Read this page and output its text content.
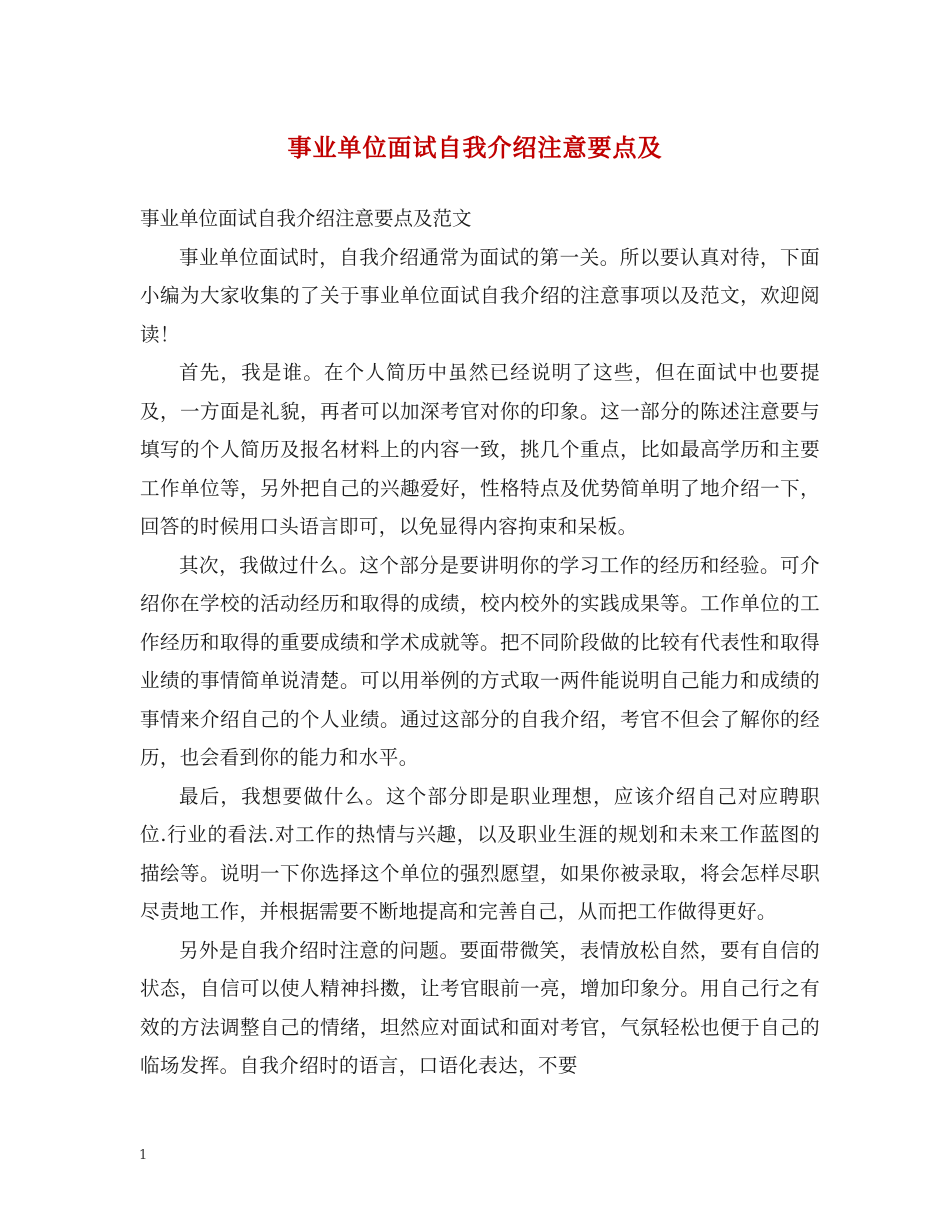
事业单位面试自我介绍注意要点及

事业单位面试自我介绍注意要点及范文

事业单位面试时，自我介绍通常为面试的第一关。所以要认真对待，下面小编为大家收集的了关于事业单位面试自我介绍的注意事项以及范文，欢迎阅读！

首先，我是谁。在个人简历中虽然已经说明了这些，但在面试中也要提及，一方面是礼貌，再者可以加深考官对你的印象。这一部分的陈述注意要与填写的个人简历及报名材料上的内容一致，挑几个重点，比如最高学历和主要工作单位等，另外把自己的兴趣爱好，性格特点及优势简单明了地介绍一下，回答的时候用口头语言即可，以免显得内容拘束和呆板。

其次，我做过什么。这个部分是要讲明你的学习工作的经历和经验。可介绍你在学校的活动经历和取得的成绩，校内校外的实践成果等。工作单位的工作经历和取得的重要成绩和学术成就等。把不同阶段做的比较有代表性和取得业绩的事情简单说清楚。可以用举例的方式取一两件能说明自己能力和成绩的事情来介绍自己的个人业绩。通过这部分的自我介绍，考官不但会了解你的经历，也会看到你的能力和水平。

最后，我想要做什么。这个部分即是职业理想，应该介绍自己对应聘职位.行业的看法.对工作的热情与兴趣，以及职业生涯的规划和未来工作蓝图的描绘等。说明一下你选择这个单位的强烈愿望，如果你被录取，将会怎样尽职尽责地工作，并根据需要不断地提高和完善自己，从而把工作做得更好。

另外是自我介绍时注意的问题。要面带微笑，表情放松自然，要有自信的状态，自信可以使人精神抖擞，让考官眼前一亮，增加印象分。用自己行之有效的方法调整自己的情绪，坦然应对面试和面对考官，气氛轻松也便于自己的临场发挥。自我介绍时的语言，口语化表达，不要

1
